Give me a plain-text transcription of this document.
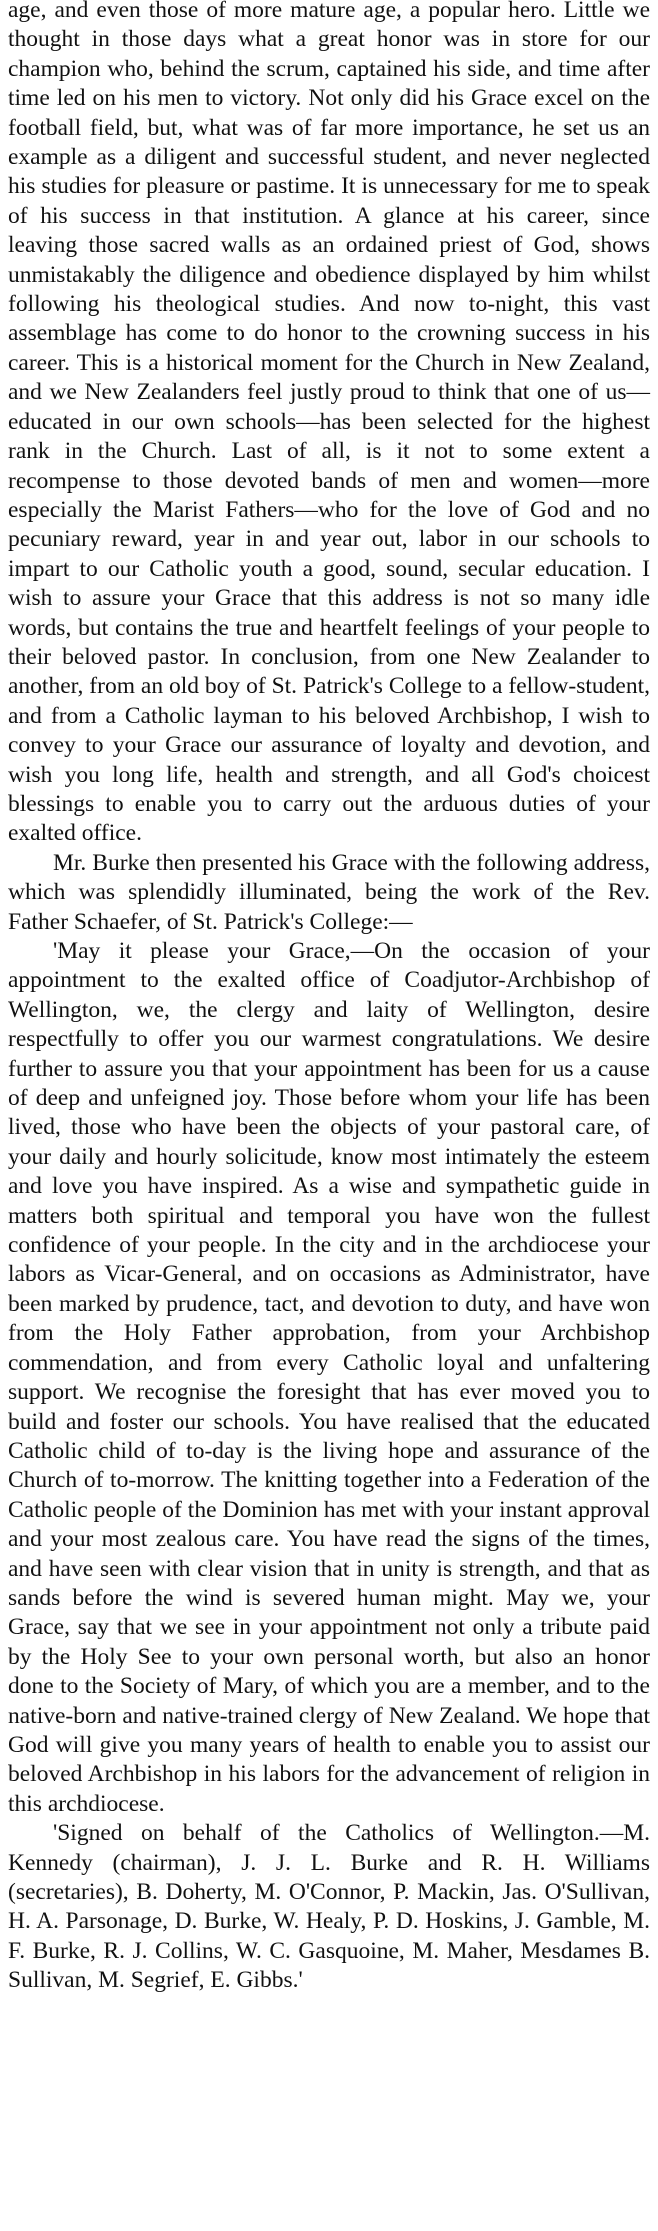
age, and even those of more mature age, a popular hero. Little we thought in those days what a great honor was in store for our champion who, behind the scrum, captained his side, and time after time led on his men to victory. Not only did his Grace excel on the football field, but, what was of far more importance, he set us an example as a diligent and successful student, and never neglected his studies for pleasure or pastime. It is unnecessary for me to speak of his success in that institution. A glance at his career, since leaving those sacred walls as an ordained priest of God, shows unmistakably the diligence and obedience displayed by him whilst following his theological studies. And now to-night, this vast assemblage has come to do honor to the crowning success in his career. This is a historical moment for the Church in New Zealand, and we New Zealanders feel justly proud to think that one of us—educated in our own schools—has been selected for the highest rank in the Church. Last of all, is it not to some extent a recompense to those devoted bands of men and women—more especially the Marist Fathers—who for the love of God and no pecuniary reward, year in and year out, labor in our schools to impart to our Catholic youth a good, sound, secular education. I wish to assure your Grace that this address is not so many idle words, but contains the true and heartfelt feelings of your people to their beloved pastor. In conclusion, from one New Zealander to another, from an old boy of St. Patrick's College to a fellow-student, and from a Catholic layman to his beloved Archbishop, I wish to convey to your Grace our assurance of loyalty and devotion, and wish you long life, health and strength, and all God's choicest blessings to enable you to carry out the arduous duties of your exalted office.

Mr. Burke then presented his Grace with the following address, which was splendidly illuminated, being the work of the Rev. Father Schaefer, of St. Patrick's College:—

'May it please your Grace,—On the occasion of your appointment to the exalted office of Coadjutor-Archbishop of Wellington, we, the clergy and laity of Wellington, desire respectfully to offer you our warmest congratulations. We desire further to assure you that your appointment has been for us a cause of deep and unfeigned joy. Those before whom your life has been lived, those who have been the objects of your pastoral care, of your daily and hourly solicitude, know most intimately the esteem and love you have inspired. As a wise and sympathetic guide in matters both spiritual and temporal you have won the fullest confidence of your people. In the city and in the archdiocese your labors as Vicar-General, and on occasions as Administrator, have been marked by prudence, tact, and devotion to duty, and have won from the Holy Father approbation, from your Archbishop commendation, and from every Catholic loyal and unfaltering support. We recognise the foresight that has ever moved you to build and foster our schools. You have realised that the educated Catholic child of to-day is the living hope and assurance of the Church of to-morrow. The knitting together into a Federation of the Catholic people of the Dominion has met with your instant approval and your most zealous care. You have read the signs of the times, and have seen with clear vision that in unity is strength, and that as sands before the wind is severed human might. May we, your Grace, say that we see in your appointment not only a tribute paid by the Holy See to your own personal worth, but also an honor done to the Society of Mary, of which you are a member, and to the native-born and native-trained clergy of New Zealand. We hope that God will give you many years of health to enable you to assist our beloved Archbishop in his labors for the advancement of religion in this archdiocese.

'Signed on behalf of the Catholics of Wellington.—M. Kennedy (chairman), J. J. L. Burke and R. H. Williams (secretaries), B. Doherty, M. O'Connor, P. Mackin, Jas. O'Sullivan, H. A. Parsonage, D. Burke, W. Healy, P. D. Hoskins, J. Gamble, M. F. Burke, R. J. Collins, W. C. Gasquoine, M. Maher, Mesdames B. Sullivan, M. Segrief, E. Gibbs.'
